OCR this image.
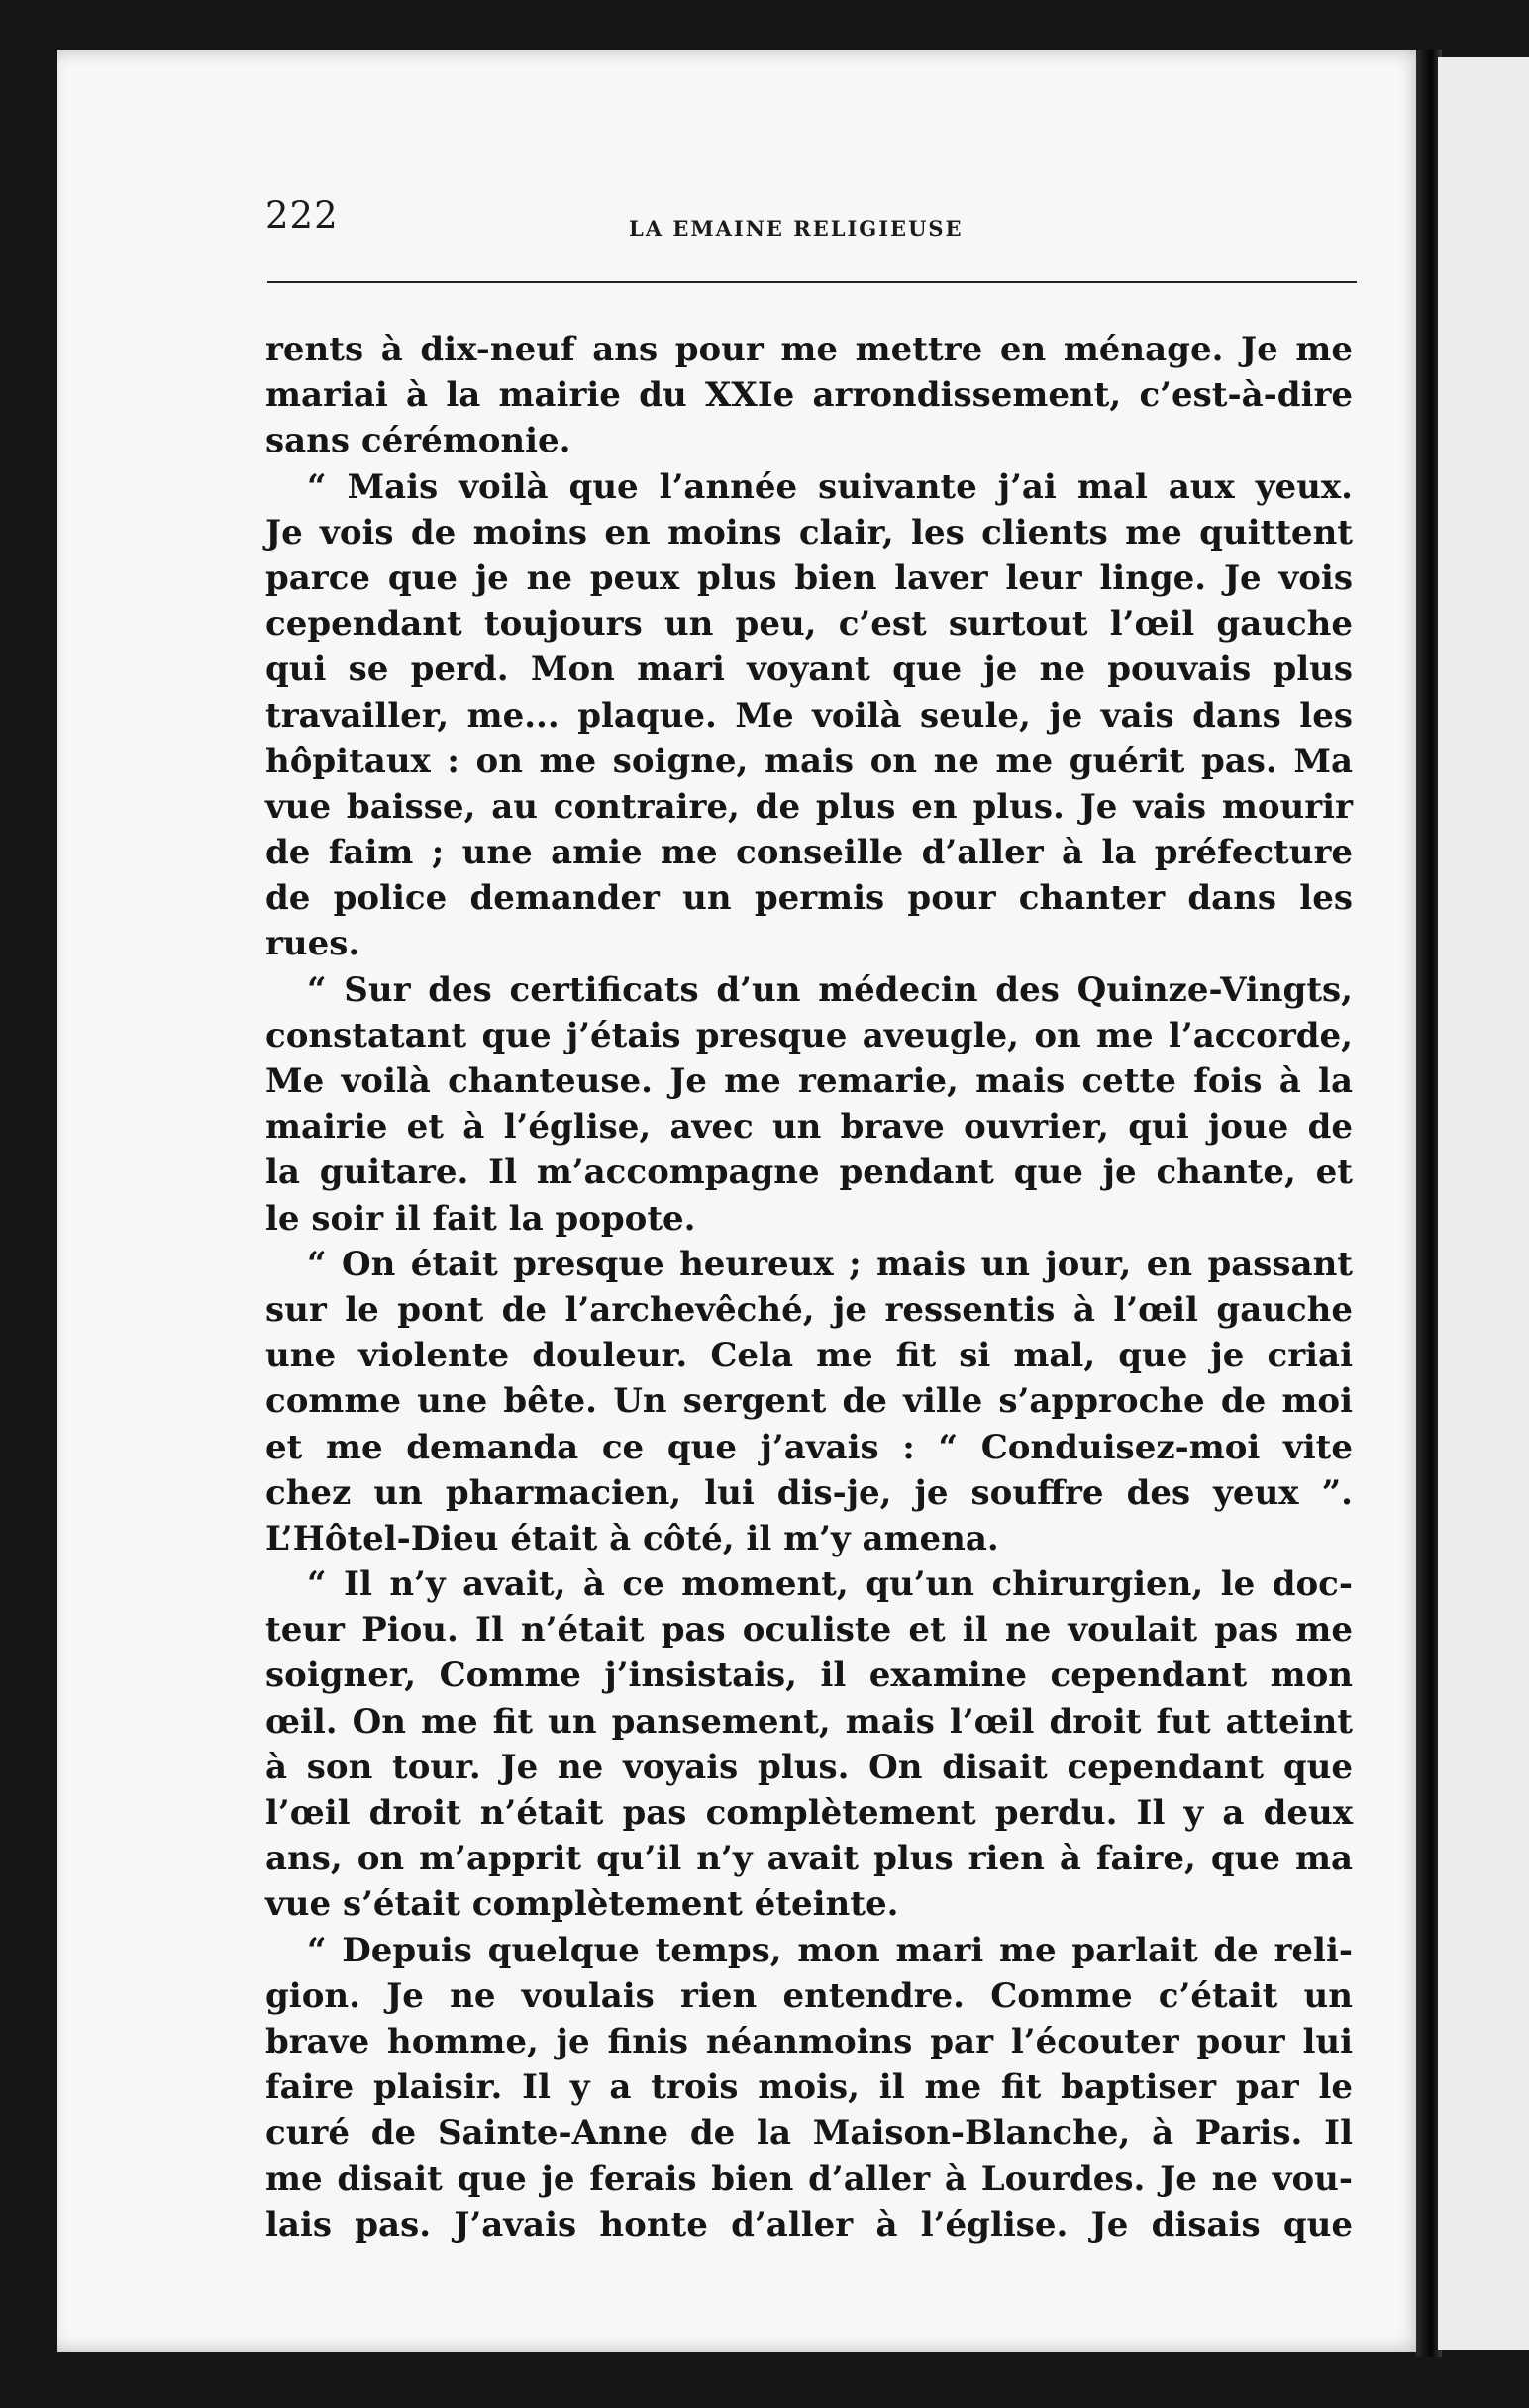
222	LA EMAINE RELIGIEUSE
rents à dix-neuf ans pour me mettre en ménage. Je me
mariai à la mairie du XXIe arrondissement, c’est-à-dire
sans cérémonie.
“ Mais voilà que l’année suivante j’ai mal aux yeux.
Je vois de moins en moins clair, les clients me quittent
parce que je ne peux plus bien laver leur linge. Je vois
cependant toujours un peu, c’est surtout l’œil gauche
qui se perd. Mon mari voyant que je ne pouvais plus
travailler, me... plaque. Me voilà seule, je vais dans les
hôpitaux : on me soigne, mais on ne me guérit pas. Ma
vue baisse, au contraire, de plus en plus. Je vais mourir
de faim ; une amie me conseille d’aller à la préfecture
de police demander un permis pour chanter dans les
rues.
“ Sur des certificats d’un médecin des Quinze-Vingts,
constatant que j’étais presque aveugle, on me l’accorde,
Me voilà chanteuse. Je me remarie, mais cette fois à la
mairie et à l’église, avec un brave ouvrier, qui joue de
la guitare. Il m’accompagne pendant que je chante, et
le soir il fait la popote.
“ On était presque heureux ; mais un jour, en passant
sur le pont de l’archevêché, je ressentis à l’œil gauche
une violente douleur. Cela me fit si mal, que je criai
comme une bête. Un sergent de ville s’approche de moi
et me demanda ce que j’avais : “ Conduisez-moi vite
chez un pharmacien, lui dis-je, je souffre des yeux ”.
L’Hôtel-Dieu était à côté, il m’y amena.
“ Il n’y avait, à ce moment, qu’un chirurgien, le doc-
teur Piou. Il n’était pas oculiste et il ne voulait pas me
soigner, Comme j’insistais, il examine cependant mon
œil. On me fit un pansement, mais l’œil droit fut atteint
à son tour. Je ne voyais plus. On disait cependant que
l’œil droit n’était pas complètement perdu. Il y a deux
ans, on m’apprit qu’il n’y avait plus rien à faire, que ma
vue s’était complètement éteinte.
“ Depuis quelque temps, mon mari me parlait de reli-
gion. Je ne voulais rien entendre. Comme c’était un
brave homme, je finis néanmoins par l’écouter pour lui
faire plaisir. Il y a trois mois, il me fit baptiser par le
curé de Sainte-Anne de la Maison-Blanche, à Paris. Il
me disait que je ferais bien d’aller à Lourdes. Je ne vou-
lais pas. J’avais honte d’aller à l’église. Je disais que
